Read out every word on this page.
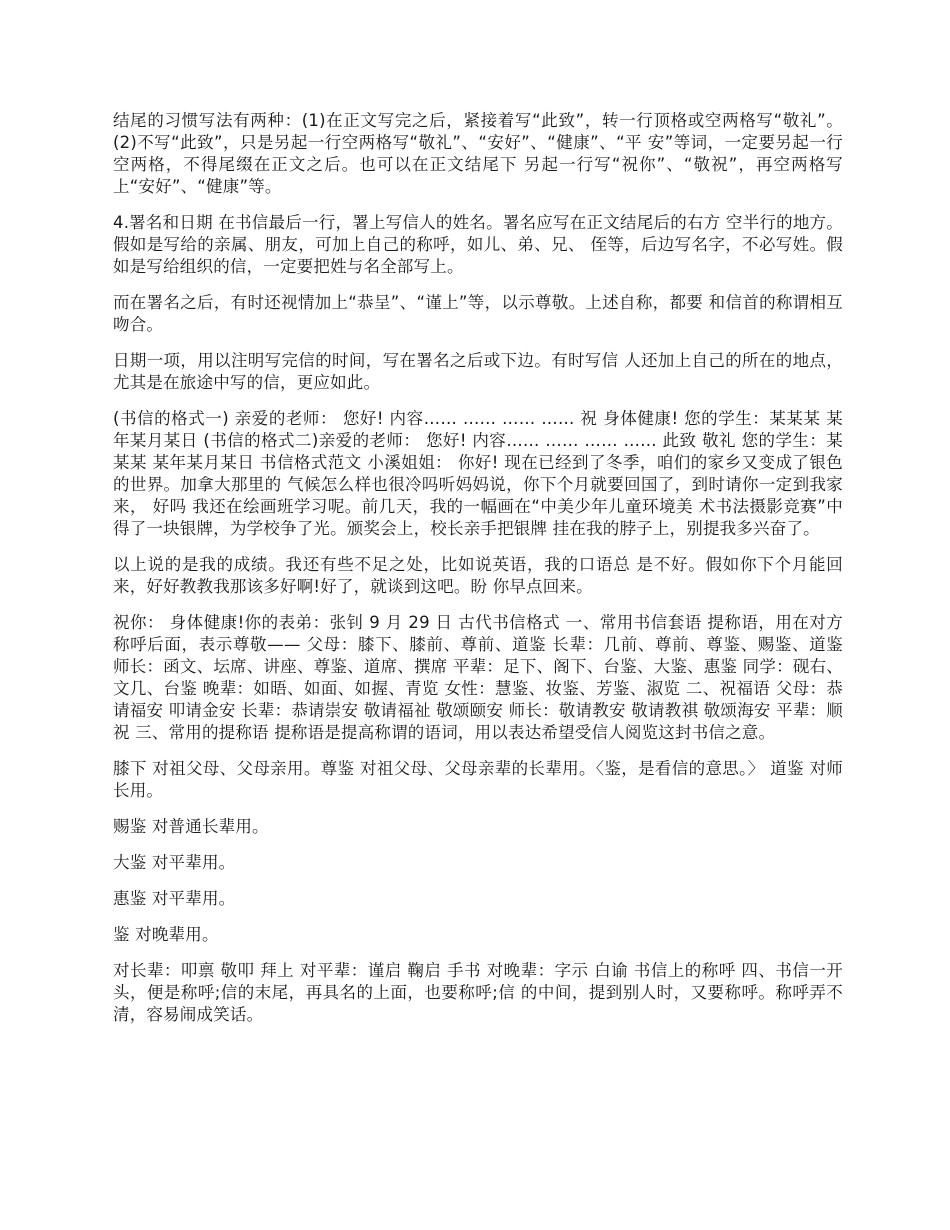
结尾的习惯写法有两种：(1)在正文写完之后，紧接着写“此致”，转一行顶格或空两格写“敬礼”。(2)不写“此致”，只是另起一行空两格写“敬礼”、“安好”、“健康”、“平 安”等词，一定要另起一行空两格，不得尾缀在正文之后。也可以在正文结尾下 另起一行写“祝你”、“敬祝”，再空两格写上“安好”、“健康”等。

4.署名和日期 在书信最后一行，署上写信人的姓名。署名应写在正文结尾后的右方 空半行的地方。假如是写给的亲属、朋友，可加上自己的称呼，如儿、弟、兄、 侄等，后边写名字，不必写姓。假如是写给组织的信，一定要把姓与名全部写上。

而在署名之后，有时还视情加上“恭呈”、“谨上”等，以示尊敬。上述自称，都要 和信首的称谓相互吻合。

日期一项，用以注明写完信的时间，写在署名之后或下边。有时写信 人还加上自己的所在的地点，尤其是在旅途中写的信，更应如此。

(书信的格式一) 亲爱的老师： 您好! 内容…… …… …… …… 祝 身体健康! 您的学生：某某某 某年某月某日 (书信的格式二)亲爱的老师： 您好! 内容…… …… …… …… 此致 敬礼 您的学生：某某某 某年某月某日 书信格式范文 小溪姐姐： 你好! 现在已经到了冬季，咱们的家乡又变成了银色的世界。加拿大那里的 气候怎么样也很冷吗听妈妈说，你下个月就要回国了，到时请你一定到我家来， 好吗 我还在绘画班学习呢。前几天，我的一幅画在“中美少年儿童环境美 术书法摄影竞赛”中得了一块银牌，为学校争了光。颁奖会上，校长亲手把银牌 挂在我的脖子上，别提我多兴奋了。

以上说的是我的成绩。我还有些不足之处，比如说英语，我的口语总 是不好。假如你下个月能回来，好好教教我那该多好啊!好了，就谈到这吧。盼 你早点回来。

祝你： 身体健康!你的表弟：张钊 9 月 29 日 古代书信格式 一、常用书信套语 提称语，用在对方称呼后面，表示尊敬—— 父母：膝下、膝前、尊前、道鉴 长辈：几前、尊前、尊鉴、赐鉴、道鉴 师长：函文、坛席、讲座、尊鉴、道席、撰席 平辈：足下、阁下、台鉴、大鉴、惠鉴 同学：砚右、文几、台鉴 晚辈：如晤、如面、如握、青览 女性：慧鉴、妆鉴、芳鉴、淑览 二、祝福语 父母：恭请福安 叩请金安 长辈：恭请崇安 敬请福祉 敬颂颐安 师长：敬请教安 敬请教祺 敬颂海安 平辈：顺祝 三、常用的提称语 提称语是提高称谓的语词，用以表达希望受信人阅览这封书信之意。

膝下 对祖父母、父母亲用。尊鉴 对祖父母、父母亲辈的长辈用。〈鉴，是看信的意思。〉 道鉴 对师长用。

赐鉴 对普通长辈用。

大鉴 对平辈用。

惠鉴 对平辈用。

鉴 对晚辈用。

对长辈：叩禀 敬叩 拜上 对平辈：谨启 鞠启 手书 对晚辈：字示 白谕 书信上的称呼 四、书信一开头，便是称呼;信的末尾，再具名的上面，也要称呼;信 的中间，提到别人时，又要称呼。称呼弄不清，容易闹成笑话。
